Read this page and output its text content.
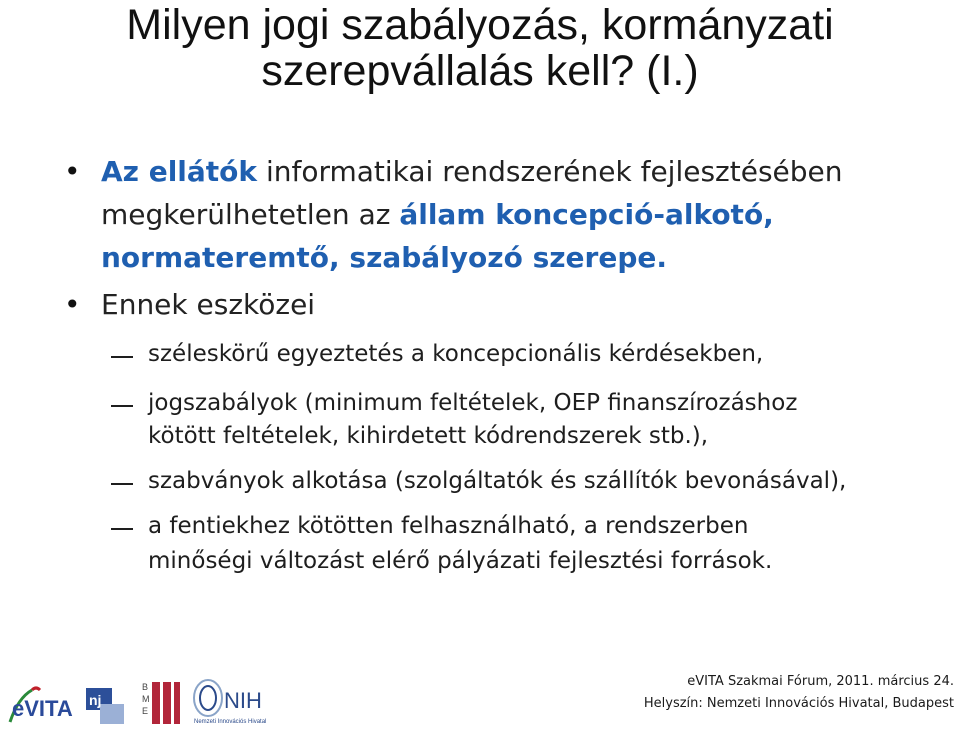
Milyen jogi szabályozás, kormányzati
szerepvállalás kell? (I.)
• Az ellátók informatikai rendszerének fejlesztésében
megkerülhetetlen az állam koncepció-alkotó,
normateremtő, szabályozó szerepe.
• Ennek eszközei
széleskörű egyeztetés a koncepcionális kérdésekben,
jogszabályok (minimum feltételek, OEP finanszírozáshoz
kötött feltételek, kihirdetett kódrendszerek stb.),
szabványok alkotása (szolgáltatók és szállítók bevonásával),
a fentiekhez kötötten felhasználható, a rendszerben
minőségi változást elérő pályázati fejlesztési források.
eVITA nj
B
M
E	NIH
Nemzeti Innovációs Hivatal
eVITA Szakmai Fórum, 2011. március 24.
Helyszín: Nemzeti Innovációs Hivatal, Budapest
